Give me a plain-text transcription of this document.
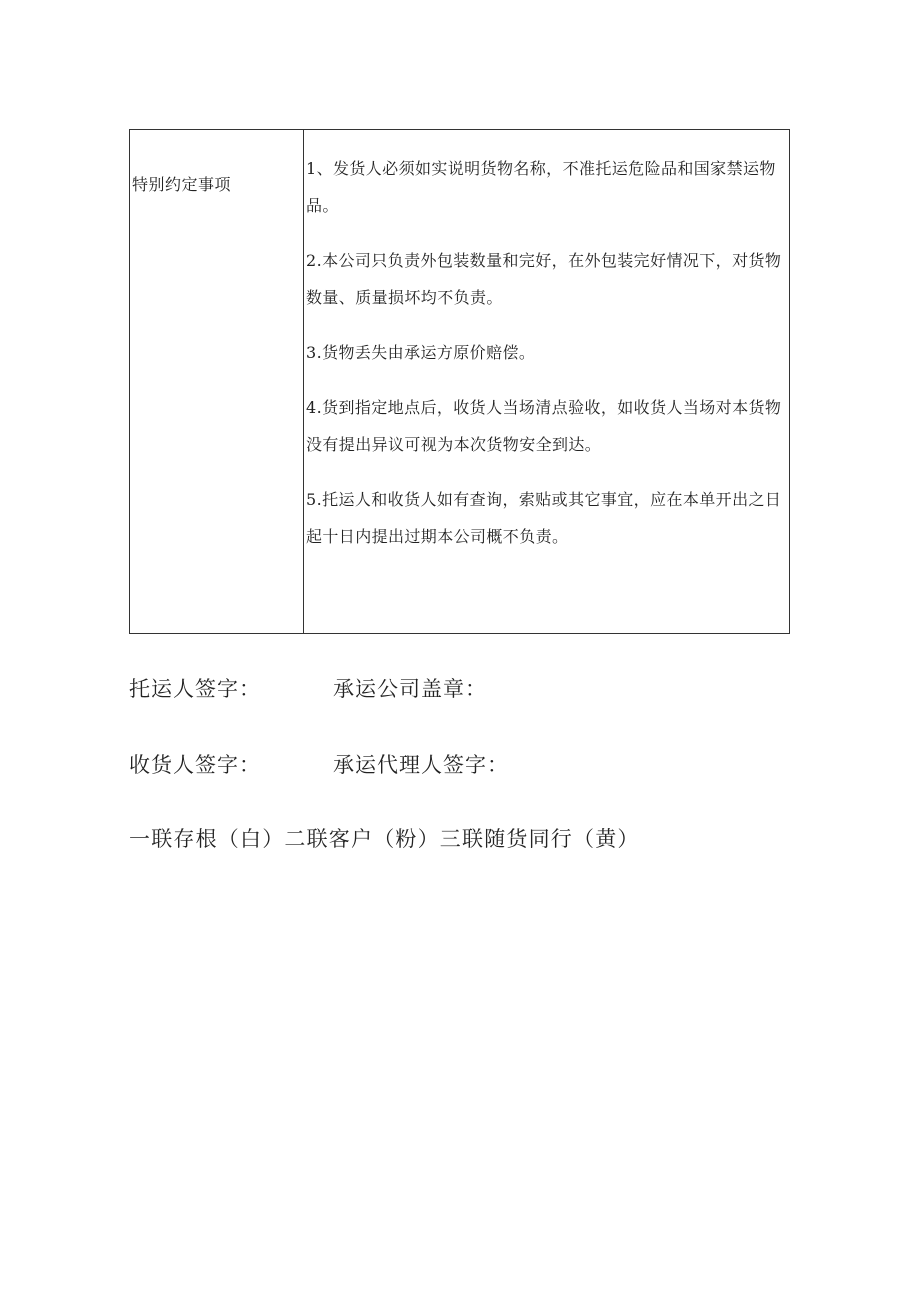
特别约定事项

1、发货人必须如实说明货物名称，不准托运危险品和国家禁运物品。

2.本公司只负责外包装数量和完好，在外包装完好情况下，对货物数量、质量损坏均不负责。

3.货物丢失由承运方原价赔偿。

4.货到指定地点后，收货人当场清点验收，如收货人当场对本货物没有提出异议可视为本次货物安全到达。

5.托运人和收货人如有查询，索贴或其它事宜，应在本单开出之日起十日内提出过期本公司概不负责。

托运人签字：	承运公司盖章：
收货人签字：	承运代理人签字：
一联存根（白）二联客户（粉）三联随货同行（黄）
